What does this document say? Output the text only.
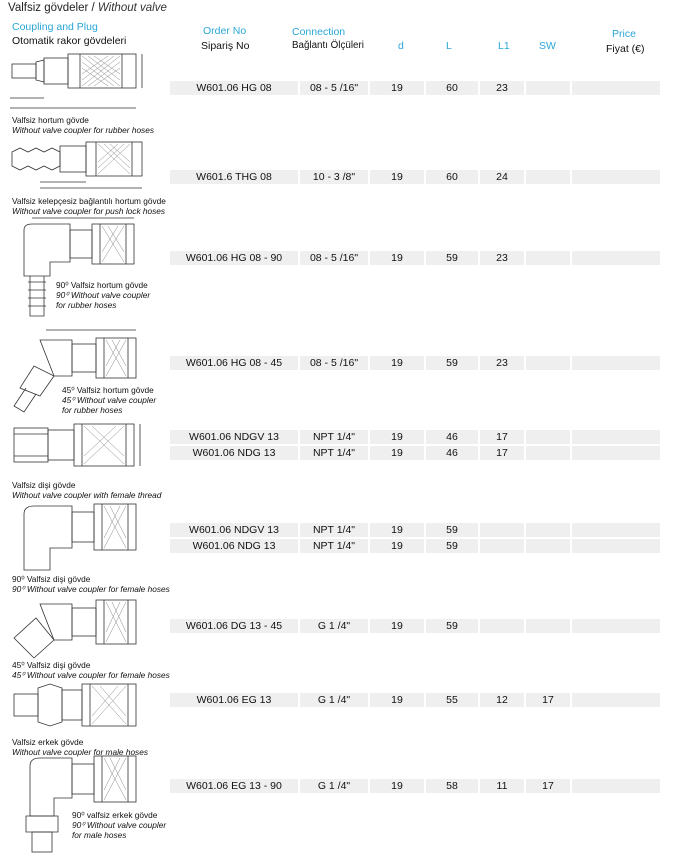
Valfsiz gövdeler / Without valve
Coupling and Plug
Otomatik rakor gövdeleri
Order No
Sipariş No
Connection
Bağlantı Ölçüleri	d	L	L1	SW
Price
Fiyat (€)
W601.06 HG 08	08 - 5 /16"	19	60	23
W601.6 THG 08	10 - 3 /8"	19	60	24
W601.06 HG 08 - 90	08 - 5 /16"	19	59	23
W601.06 HG 08 - 45	08 - 5 /16"	19	59	23
W601.06 NDGV 13	NPT 1/4"	19	46	17
W601.06 NDG 13	NPT 1/4"	19	46	17
W601.06 NDGV 13	NPT 1/4"	19	59
W601.06 NDG 13	NPT 1/4"	19	59
W601.06 DG 13 - 45	G 1 /4"	19	59
W601.06 EG 13	G 1 /4"	19	55	12	17
W601.06 EG 13 - 90	G 1 /4"	19	58	11	17
Valfsiz hortum gövde
Without valve coupler for rubber hoses
Valfsiz kelepçesiz bağlantılı hortum gövde
Without valve coupler for push lock hoses
90⁰ Valfsiz hortum gövde
90⁰ Without valve coupler
for rubber hoses
45⁰ Valfsiz hortum gövde
45⁰ Without valve coupler
for rubber hoses
Valfsiz dişi gövde
Without valve coupler with female thread
90⁰ Valfsiz dişi gövde
90⁰ Without valve coupler for female hoses
45⁰ Valfsiz dişi gövde
45⁰ Without valve coupler for female hoses
Valfsiz erkek gövde
Without valve coupler for male hoses
90⁰ valfsiz erkek gövde
90⁰ Without valve coupler
for male hoses
